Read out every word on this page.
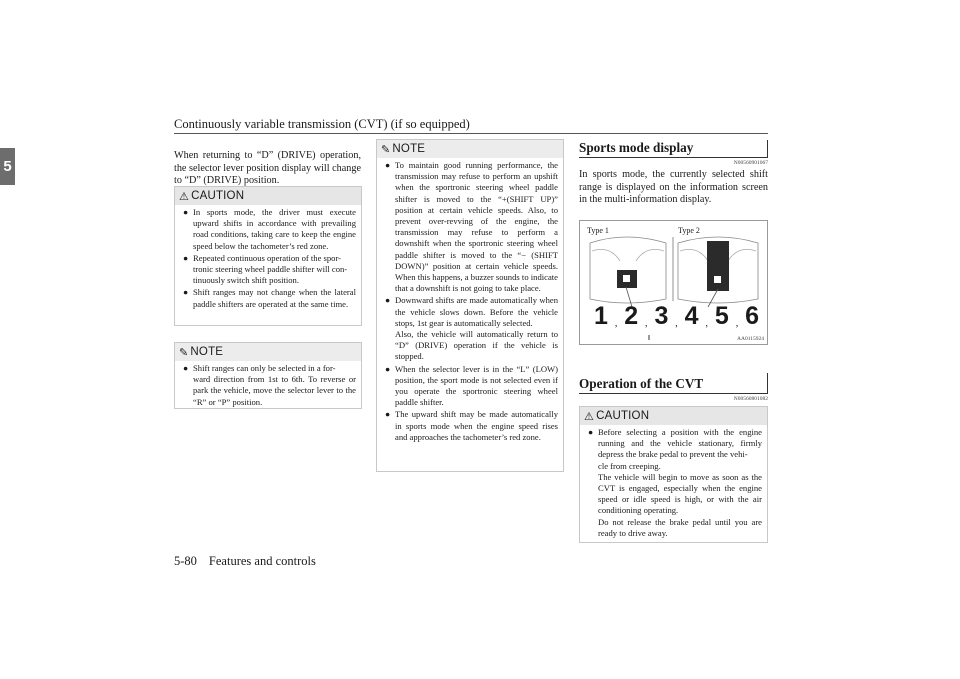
Continuously variable transmission (CVT) (if so equipped)
5
When returning to “D” (DRIVE) operation, the selector lever position display will change to “D” (DRIVE) position.
⚠ CAUTION
● In sports mode, the driver must execute upward shifts in accordance with prevailing road conditions, taking care to keep the engine speed below the tachometer’s red zone.
● Repeated continuous operation of the spor-
tronic steering wheel paddle shifter will con-
tinuously switch shift position.
● Shift ranges may not change when the lateral paddle shifters are operated at the same time.
✎ NOTE
● Shift ranges can only be selected in a for-
ward direction from 1st to 6th. To reverse or park the vehicle, move the selector lever to the “R” or “P” position.
✎ NOTE
● To maintain good running performance, the transmission may refuse to perform an upshift when the sportronic steering wheel paddle shifter is moved to the “+(SHIFT UP)” position at certain vehicle speeds. Also, to prevent over-revving of the engine, the transmission may refuse to perform a downshift when the sportronic steering wheel paddle shifter is moved to the “− (SHIFT DOWN)” position at certain vehicle speeds. When this happens, a buzzer sounds to indicate that a downshift is not going to take place.
● Downward shifts are made automatically when the vehicle slows down. Before the vehicle stops, 1st gear is automatically selected.
Also, the vehicle will automatically return to “D” (DRIVE) operation if the vehicle is stopped.
● When the selector lever is in the “L” (LOW) position, the sport mode is not selected even if you operate the sportronic steering wheel paddle shifter.
● The upward shift may be made automatically in sports mode when the engine speed rises and approaches the tachometer’s red zone.
Sports mode display
N00560901067
In sports mode, the currently selected shift range is displayed on the information screen in the multi-information display.
Type 1	Type 2
1 , 2 , 3 , 4 , 5 , 6
AA0115924
Operation of the CVT
N00560801082
⚠ CAUTION
● Before selecting a position with the engine running and the vehicle stationary, firmly depress the brake pedal to prevent the vehi-
cle from creeping.
The vehicle will begin to move as soon as the CVT is engaged, especially when the engine speed or idle speed is high, or with the air conditioning operating.
Do not release the brake pedal until you are ready to drive away.
5-80 Features and controls
